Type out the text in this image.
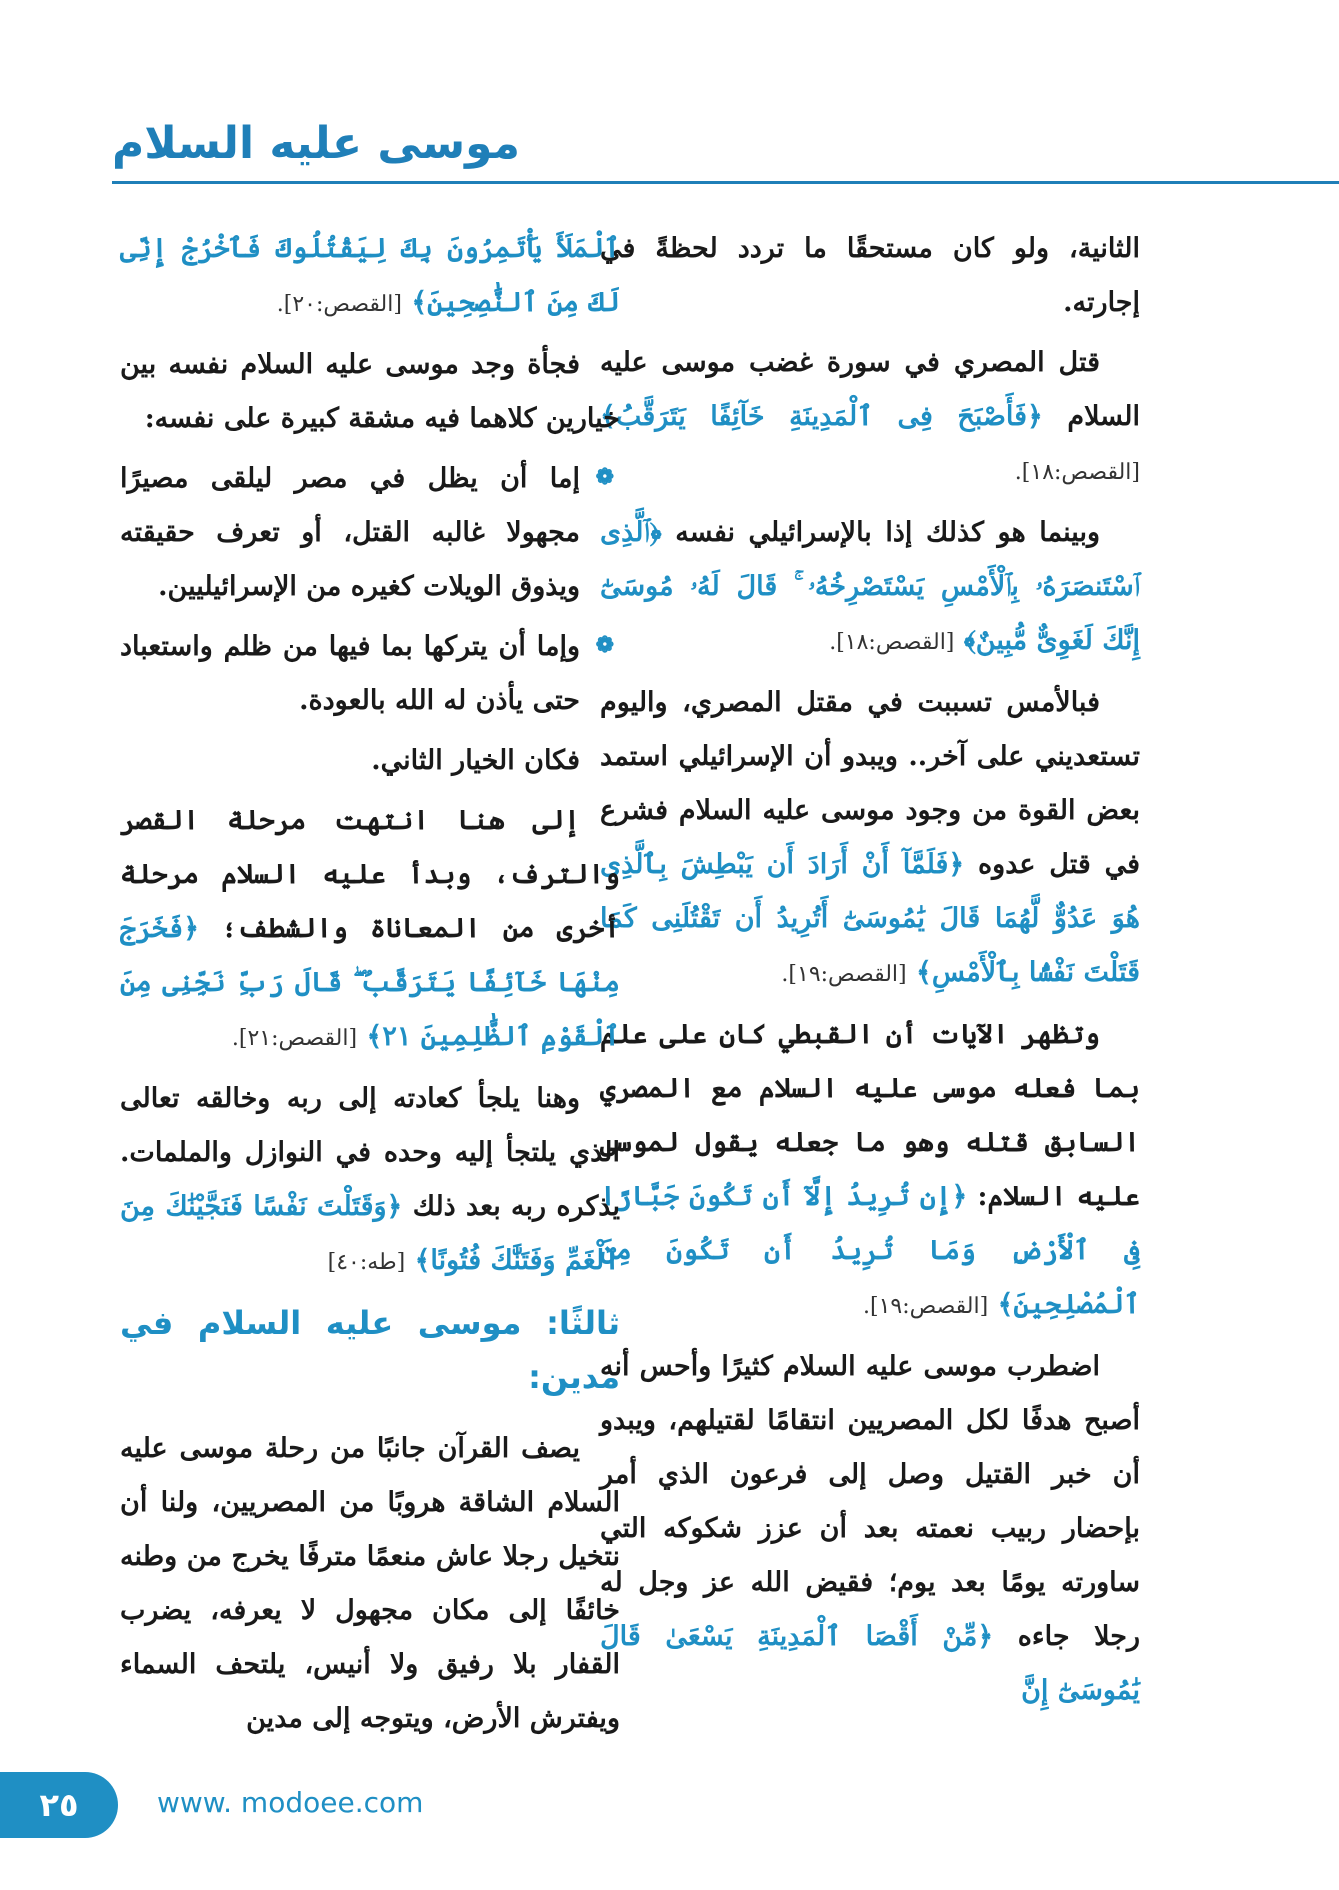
موسى عليه السلام

الثانية، ولو كان مستحقًا ما تردد لحظةً في إجارته.

قتل المصري في سورة غضب موسى عليه السلام ﴿فَأَصْبَحَ فِى ٱلْمَدِينَةِ خَآئِفًا يَتَرَقَّبُ﴾ [القصص:١٨].

وبينما هو كذلك إذا بالإسرائيلي نفسه ﴿ٱلَّذِى ٱسْتَنصَرَهُۥ بِٱلْأَمْسِ يَسْتَصْرِخُهُۥ ۚ قَالَ لَهُۥ مُوسَىٰٓ إِنَّكَ لَغَوِىٌّ مُّبِينٌ﴾ [القصص:١٨].

فبالأمس تسببت في مقتل المصري، واليوم تستعديني على آخر.. ويبدو أن الإسرائيلي استمد بعض القوة من وجود موسى عليه السلام فشرع في قتل عدوه ﴿فَلَمَّآ أَنْ أَرَادَ أَن يَبْطِشَ بِٱلَّذِى هُوَ عَدُوٌّ لَّهُمَا قَالَ يَٰمُوسَىٰٓ أَتُرِيدُ أَن تَقْتُلَنِى كَمَا قَتَلْتَ نَفْسًۢا بِٱلْأَمْسِ﴾ [القصص:١٩].

وتظهر الآيات أن القبطي كان على علم بما فعله موسى عليه السلام مع المصري السابق قتله وهو ما جعله يقول لموسى عليه السلام: ﴿إِن تُرِيدُ إِلَّآ أَن تَكُونَ جَبَّارًا فِى ٱلْأَرْضِ وَمَا تُرِيدُ أَن تَكُونَ مِنَ ٱلْمُصْلِحِينَ﴾ [القصص:١٩].

اضطرب موسى عليه السلام كثيرًا وأحس أنه أصبح هدفًا لكل المصريين انتقامًا لقتيلهم، ويبدو أن خبر القتيل وصل إلى فرعون الذي أمر بإحضار ربيب نعمته بعد أن عزز شكوكه التي ساورته يومًا بعد يوم؛ فقيض الله عز وجل له رجلا جاءه ﴿مِّنْ أَقْصَا ٱلْمَدِينَةِ يَسْعَىٰ قَالَ يَٰمُوسَىٰٓ إِنَّ

ٱلْمَلَأَ يَأْتَمِرُونَ بِكَ لِيَقْتُلُوكَ فَٱخْرُجْ إِنِّى لَكَ مِنَ ٱلنَّٰصِحِينَ﴾ [القصص:٢٠].

فجأة وجد موسى عليه السلام نفسه بين خيارين كلاهما فيه مشقة كبيرة على نفسه:

❁
إما أن يظل في مصر ليلقى مصيرًا مجهولا غالبه القتل، أو تعرف حقيقته ويذوق الويلات كغيره من الإسرائيليين.

❁
وإما أن يتركها بما فيها من ظلم واستعباد حتى يأذن له الله بالعودة.

فكان الخيار الثاني.

إلى هنا انتهت مرحلة القصر والترف، وبدأ عليه السلام مرحلة أخرى من المعاناة والشطف؛ ﴿فَخَرَجَ مِنْهَا خَآئِفًا يَتَرَقَّبُ ۖ قَالَ رَبِّ نَجِّنِى مِنَ ٱلْقَوْمِ ٱلظَّٰلِمِينَ ٢١﴾ [القصص:٢١].

وهنا يلجأ كعادته إلى ربه وخالقه تعالى الذي يلتجأ إليه وحده في النوازل والملمات. يذكره ربه بعد ذلك ﴿وَقَتَلْتَ نَفْسًا فَنَجَّيْنَٰكَ مِنَ ٱلْغَمِّ وَفَتَنَّٰكَ فُتُونًا﴾ [طه:٤٠]

ثالثًا: موسى عليه السلام في مدين:

يصف القرآن جانبًا من رحلة موسى عليه السلام الشاقة هروبًا من المصريين، ولنا أن نتخيل رجلا عاش منعمًا مترفًا يخرج من وطنه خائفًا إلى مكان مجهول لا يعرفه، يضرب القفار بلا رفيق ولا أنيس، يلتحف السماء ويفترش الأرض، ويتوجه إلى مدين

٢٥	www. modoee.com
